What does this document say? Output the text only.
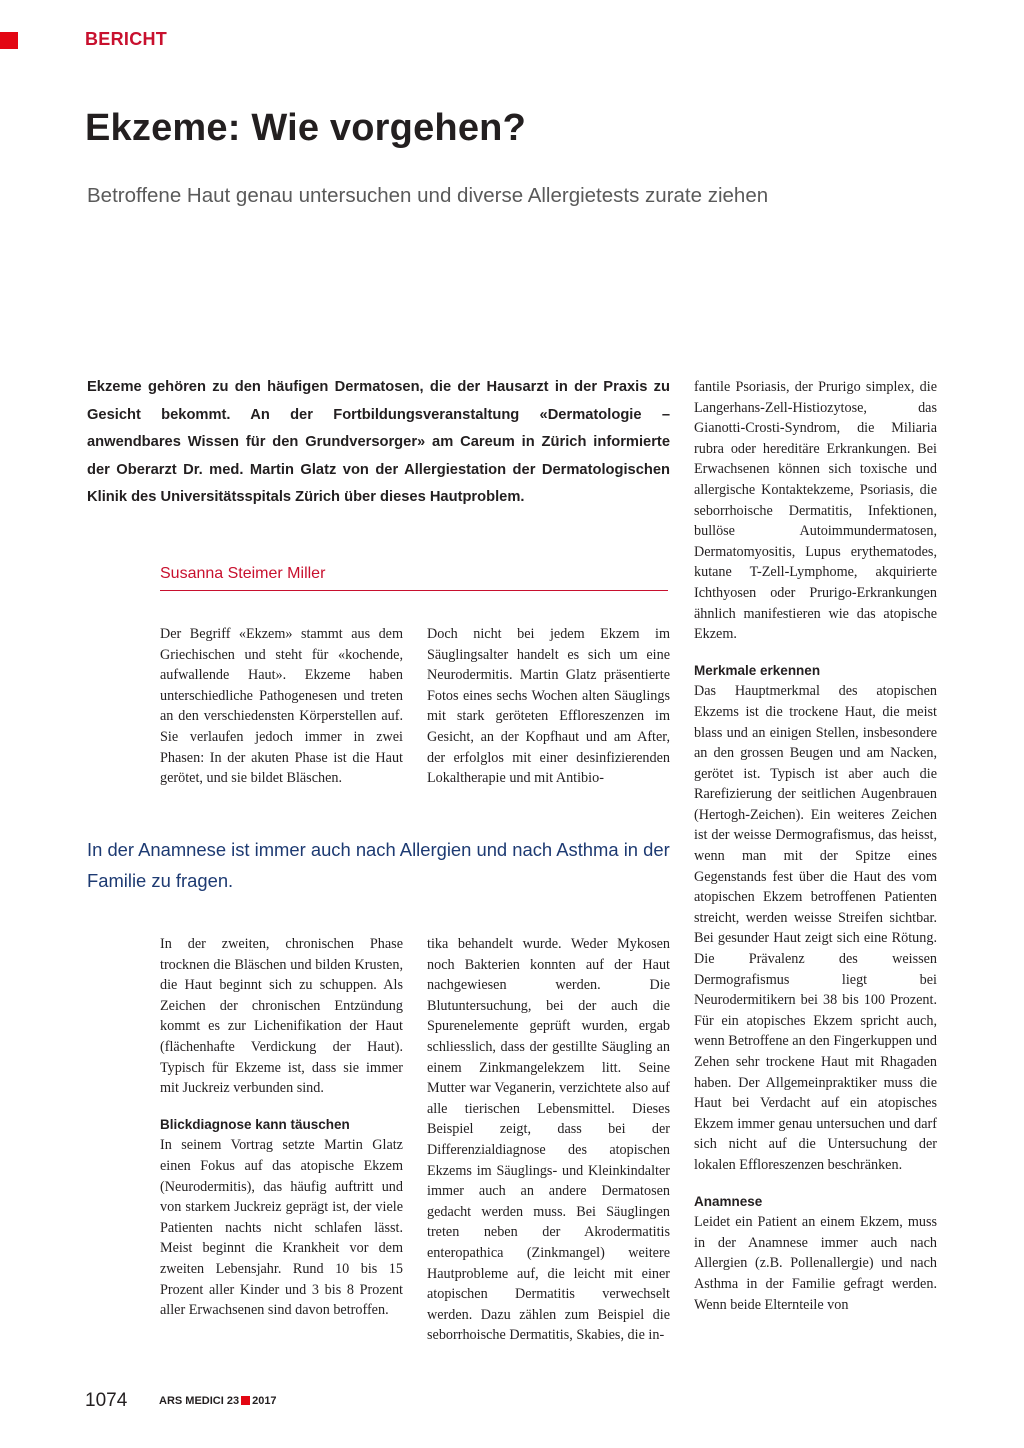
BERICHT
Ekzeme: Wie vorgehen?
Betroffene Haut genau untersuchen und diverse Allergietests zurate ziehen

Ekzeme gehören zu den häufigen Dermatosen, die der Hausarzt in der Praxis zu Gesicht bekommt. An der Fortbildungsveranstaltung «Dermatologie – anwendbares Wissen für den Grundversorger» am Careum in Zürich informierte der Oberarzt Dr. med. Martin Glatz von der Allergiestation der Dermatologischen Klinik des Universitätsspitals Zürich über dieses Hautproblem.

Susanna Steimer Miller

Der Begriff «Ekzem» stammt aus dem Griechischen und steht für «kochende, aufwallende Haut». Ekzeme haben unterschiedliche Pathogenesen und treten an den verschiedensten Körperstellen auf. Sie verlaufen jedoch immer in zwei Phasen: In der akuten Phase ist die Haut gerötet, und sie bildet Bläschen.

Doch nicht bei jedem Ekzem im Säuglingsalter handelt es sich um eine Neurodermitis. Martin Glatz präsentierte Fotos eines sechs Wochen alten Säuglings mit stark geröteten Effloreszenzen im Gesicht, an der Kopfhaut und am After, der erfolglos mit einer desinfizierenden Lokaltherapie und mit Antibio-

In der Anamnese ist immer auch nach Allergien und nach Asthma in der Familie zu fragen.

In der zweiten, chronischen Phase trocknen die Bläschen und bilden Krusten, die Haut beginnt sich zu schuppen. Als Zeichen der chronischen Entzündung kommt es zur Lichenifikation der Haut (flächenhafte Verdickung der Haut). Typisch für Ekzeme ist, dass sie immer mit Juckreiz verbunden sind.

Blickdiagnose kann täuschen

In seinem Vortrag setzte Martin Glatz einen Fokus auf das atopische Ekzem (Neurodermitis), das häufig auftritt und von starkem Juckreiz geprägt ist, der viele Patienten nachts nicht schlafen lässt. Meist beginnt die Krankheit vor dem zweiten Lebensjahr. Rund 10 bis 15 Prozent aller Kinder und 3 bis 8 Prozent aller Erwachsenen sind davon betroffen.

tika behandelt wurde. Weder Mykosen noch Bakterien konnten auf der Haut nachgewiesen werden. Die Blutuntersuchung, bei der auch die Spurenelemente geprüft wurden, ergab schliesslich, dass der gestillte Säugling an einem Zinkmangelekzem litt. Seine Mutter war Veganerin, verzichtete also auf alle tierischen Lebensmittel. Dieses Beispiel zeigt, dass bei der Differenzialdiagnose des atopischen Ekzems im Säuglings- und Kleinkindalter immer auch an andere Dermatosen gedacht werden muss. Bei Säuglingen treten neben der Akrodermatitis enteropathica (Zinkmangel) weitere Hautprobleme auf, die leicht mit einer atopischen Dermatitis verwechselt werden. Dazu zählen zum Beispiel die seborrhoische Dermatitis, Skabies, die in-

fantile Psoriasis, der Prurigo simplex, die Langerhans-Zell-Histiozytose, das Gianotti-Crosti-Syndrom, die Miliaria rubra oder hereditäre Erkrankungen. Bei Erwachsenen können sich toxische und allergische Kontaktekzeme, Psoriasis, die seborrhoische Dermatitis, Infektionen, bullöse Autoimmundermatosen, Dermatomyositis, Lupus erythematodes, kutane T-Zell-Lymphome, akquirierte Ichthyosen oder Prurigo-Erkrankungen ähnlich manifestieren wie das atopische Ekzem.

Merkmale erkennen

Das Hauptmerkmal des atopischen Ekzems ist die trockene Haut, die meist blass und an einigen Stellen, insbesondere an den grossen Beugen und am Nacken, gerötet ist. Typisch ist aber auch die Rarefizierung der seitlichen Augenbrauen (Hertogh-Zeichen). Ein weiteres Zeichen ist der weisse Dermografismus, das heisst, wenn man mit der Spitze eines Gegenstands fest über die Haut des vom atopischen Ekzem betroffenen Patienten streicht, werden weisse Streifen sichtbar. Bei gesunder Haut zeigt sich eine Rötung. Die Prävalenz des weissen Dermografismus liegt bei Neurodermitikern bei 38 bis 100 Prozent. Für ein atopisches Ekzem spricht auch, wenn Betroffene an den Fingerkuppen und Zehen sehr trockene Haut mit Rhagaden haben. Der Allgemeinpraktiker muss die Haut bei Verdacht auf ein atopisches Ekzem immer genau untersuchen und darf sich nicht auf die Untersuchung der lokalen Effloreszenzen beschränken.

Anamnese

Leidet ein Patient an einem Ekzem, muss in der Anamnese immer auch nach Allergien (z.B. Pollenallergie) und nach Asthma in der Familie gefragt werden. Wenn beide Elternteile von

1074	ARS MEDICI 23 2017
